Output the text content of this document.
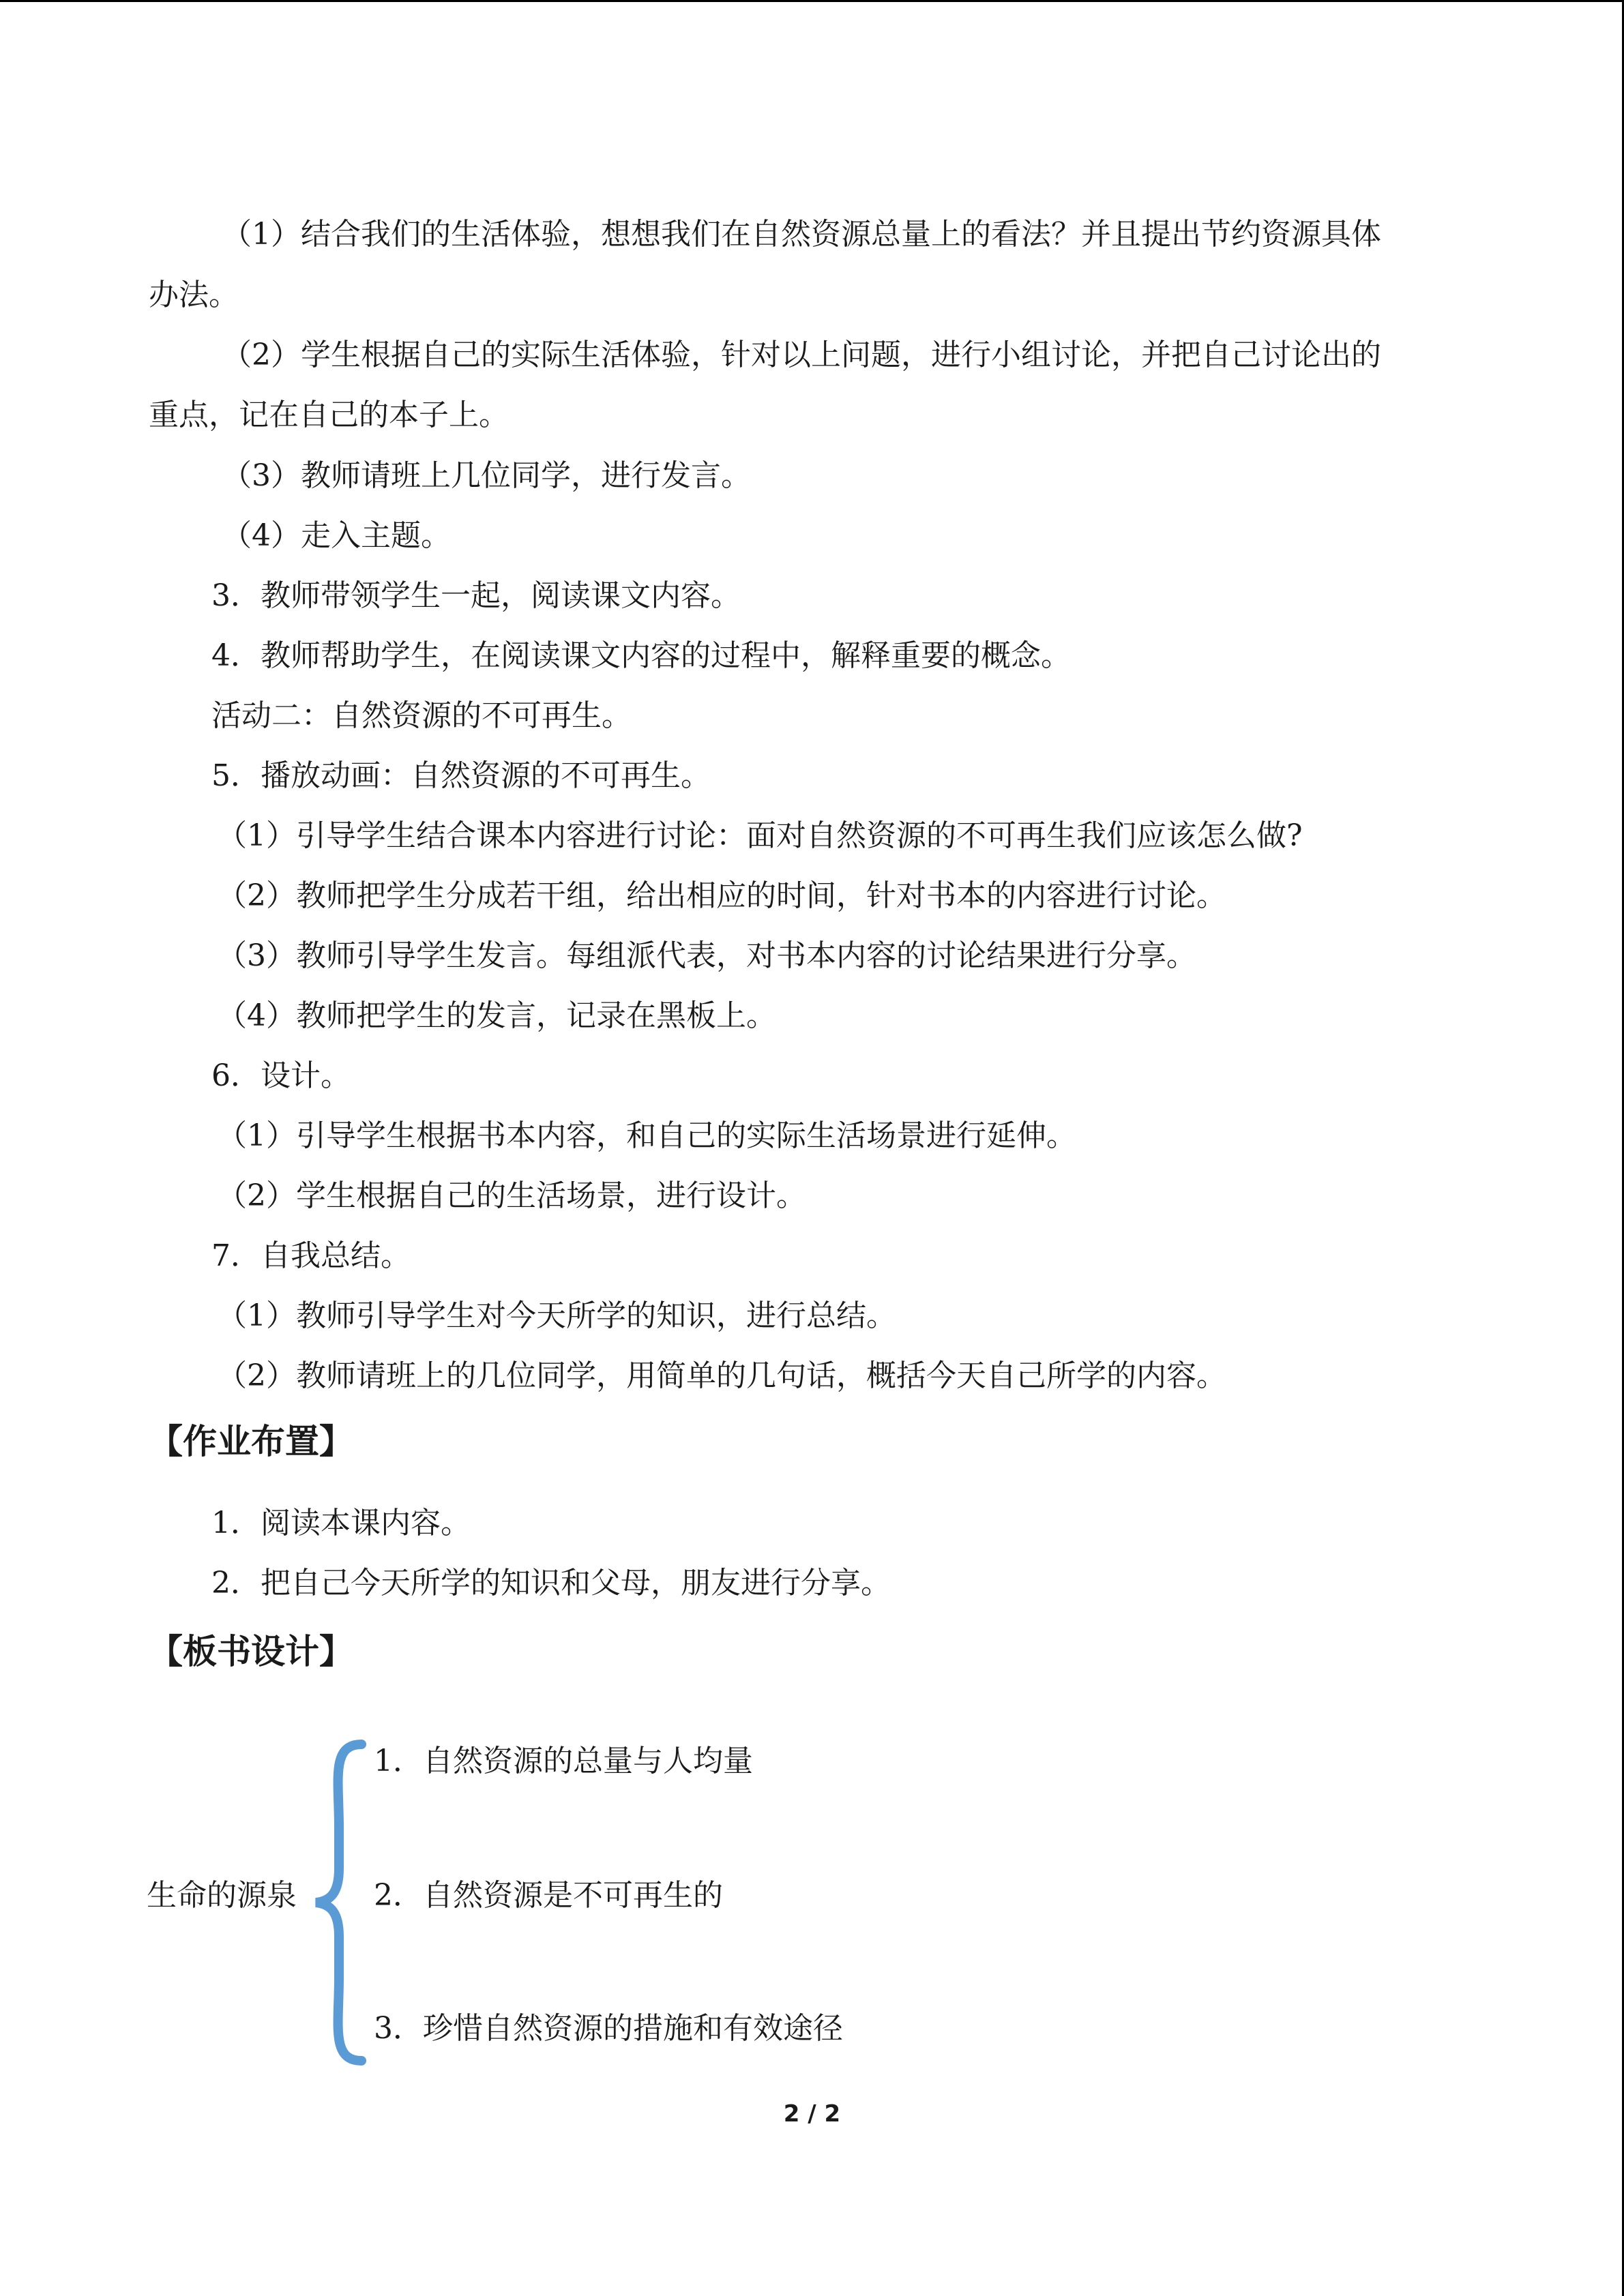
（1）结合我们的生活体验，想想我们在自然资源总量上的看法？并且提出节约资源具体
办法。
（2）学生根据自己的实际生活体验，针对以上问题，进行小组讨论，并把自己讨论出的
重点，记在自己的本子上。
（3）教师请班上几位同学，进行发言。
（4）走入主题。
3．教师带领学生一起，阅读课文内容。
4．教师帮助学生，在阅读课文内容的过程中，解释重要的概念。
活动二：自然资源的不可再生。
5．播放动画：自然资源的不可再生。
（1）引导学生结合课本内容进行讨论：面对自然资源的不可再生我们应该怎么做?
（2）教师把学生分成若干组，给出相应的时间，针对书本的内容进行讨论。
（3）教师引导学生发言。每组派代表，对书本内容的讨论结果进行分享。
（4）教师把学生的发言，记录在黑板上。
6．设计。
（1）引导学生根据书本内容，和自己的实际生活场景进行延伸。
（2）学生根据自己的生活场景，进行设计。
7．自我总结。
（1）教师引导学生对今天所学的知识，进行总结。
（2）教师请班上的几位同学，用简单的几句话，概括今天自己所学的内容。
【作业布置】
1．阅读本课内容。
2．把自己今天所学的知识和父母，朋友进行分享。
【板书设计】
生命的源泉
1．自然资源的总量与人均量
2．自然资源是不可再生的
3．珍惜自然资源的措施和有效途径
2 / 2
